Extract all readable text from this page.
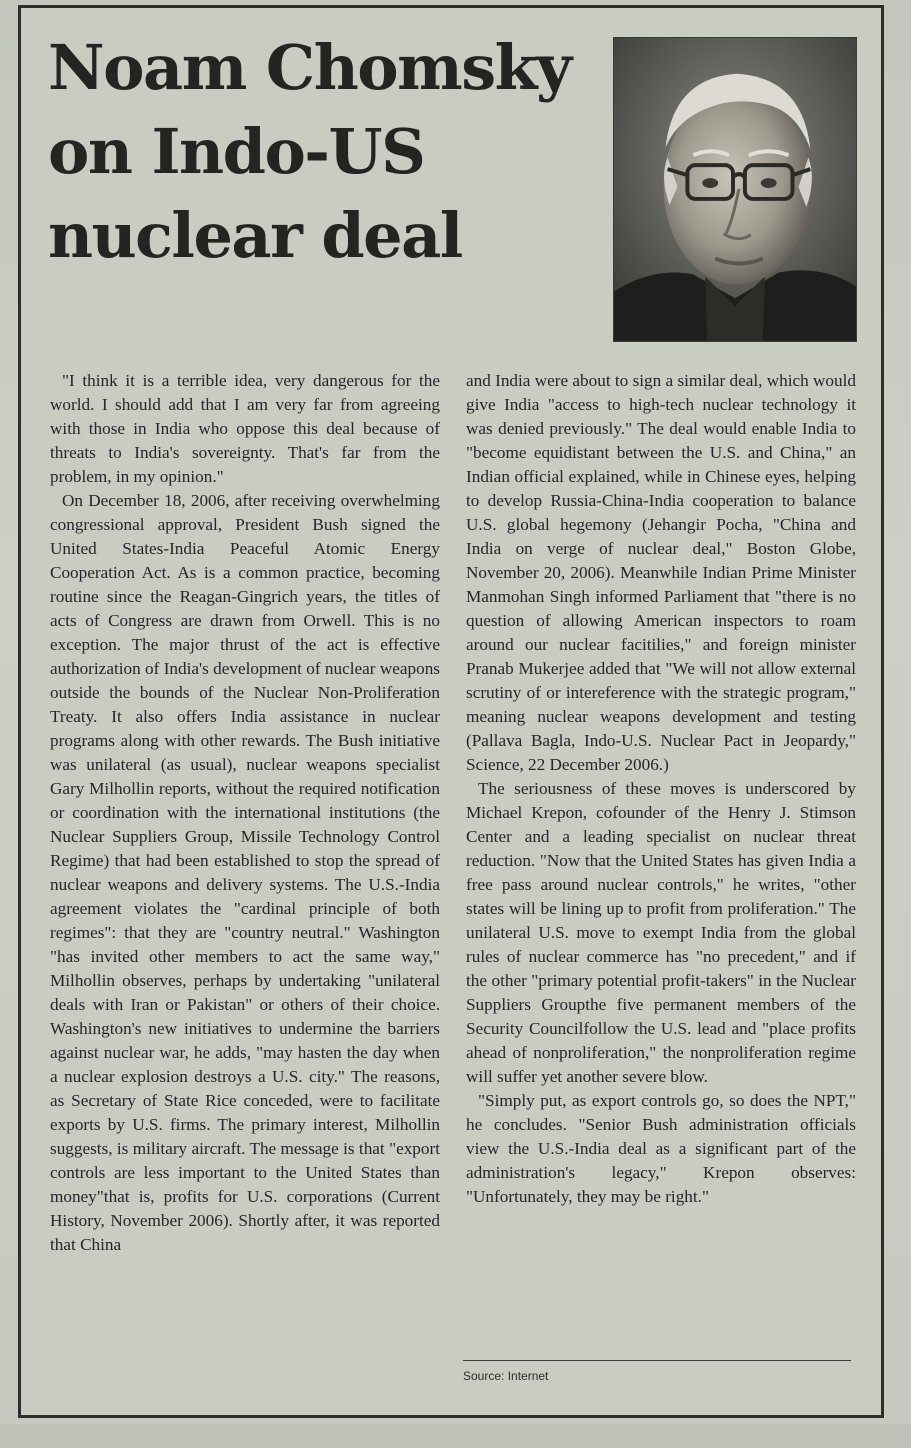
Noam Chomsky
on Indo-US
nuclear deal

"I think it is a terrible idea, very dangerous for the world. I should add that I am very far from agreeing with those in India who oppose this deal because of threats to India's sovereignty. That's far from the problem, in my opinion."

On December 18, 2006, after receiving overwhelming congressional approval, President Bush signed the United States-India Peaceful Atomic Energy Cooperation Act. As is a common practice, becoming routine since the Reagan-Gingrich years, the titles of acts of Congress are drawn from Orwell. This is no exception. The major thrust of the act is effective authorization of India's development of nuclear weapons outside the bounds of the Nuclear Non-Proliferation Treaty. It also offers India assistance in nuclear programs along with other rewards. The Bush initiative was unilateral (as usual), nuclear weapons specialist Gary Milhollin reports, without the required notification or coordination with the international institutions (the Nuclear Suppliers Group, Missile Technology Control Regime) that had been established to stop the spread of nuclear weapons and delivery systems. The U.S.-India agreement violates the "cardinal principle of both regimes": that they are "country neutral." Washington "has invited other members to act the same way," Milhollin observes, perhaps by undertaking "unilateral deals with Iran or Pakistan" or others of their choice. Washington's new initiatives to undermine the barriers against nuclear war, he adds, "may hasten the day when a nuclear explosion destroys a U.S. city." The reasons, as Secretary of State Rice conceded, were to facilitate exports by U.S. firms. The primary interest, Milhollin suggests, is military aircraft. The message is that "export controls are less important to the United States than money"that is, profits for U.S. corporations (Current History, November 2006). Shortly after, it was reported that China

and India were about to sign a similar deal, which would give India "access to high-tech nuclear technology it was denied previously." The deal would enable India to "become equidistant between the U.S. and China," an Indian official explained, while in Chinese eyes, helping to develop Russia-China-India cooperation to balance U.S. global hegemony (Jehangir Pocha, "China and India on verge of nuclear deal," Boston Globe, November 20, 2006). Meanwhile Indian Prime Minister Manmohan Singh informed Parliament that "there is no question of allowing American inspectors to roam around our nuclear facitilies," and foreign minister Pranab Mukerjee added that "We will not allow external scrutiny of or intereference with the strategic program," meaning nuclear weapons development and testing (Pallava Bagla, Indo-U.S. Nuclear Pact in Jeopardy," Science, 22 December 2006.)

The seriousness of these moves is underscored by Michael Krepon, cofounder of the Henry J. Stimson Center and a leading specialist on nuclear threat reduction. "Now that the United States has given India a free pass around nuclear controls," he writes, "other states will be lining up to profit from proliferation." The unilateral U.S. move to exempt India from the global rules of nuclear commerce has "no precedent," and if the other "primary potential profit-takers" in the Nuclear Suppliers Groupthe five permanent members of the Security Councilfollow the U.S. lead and "place profits ahead of nonproliferation," the nonproliferation regime will suffer yet another severe blow.

"Simply put, as export controls go, so does the NPT," he concludes. "Senior Bush administration officials view the U.S.-India deal as a significant part of the administration's legacy," Krepon observes: "Unfortunately, they may be right."

Source: Internet
